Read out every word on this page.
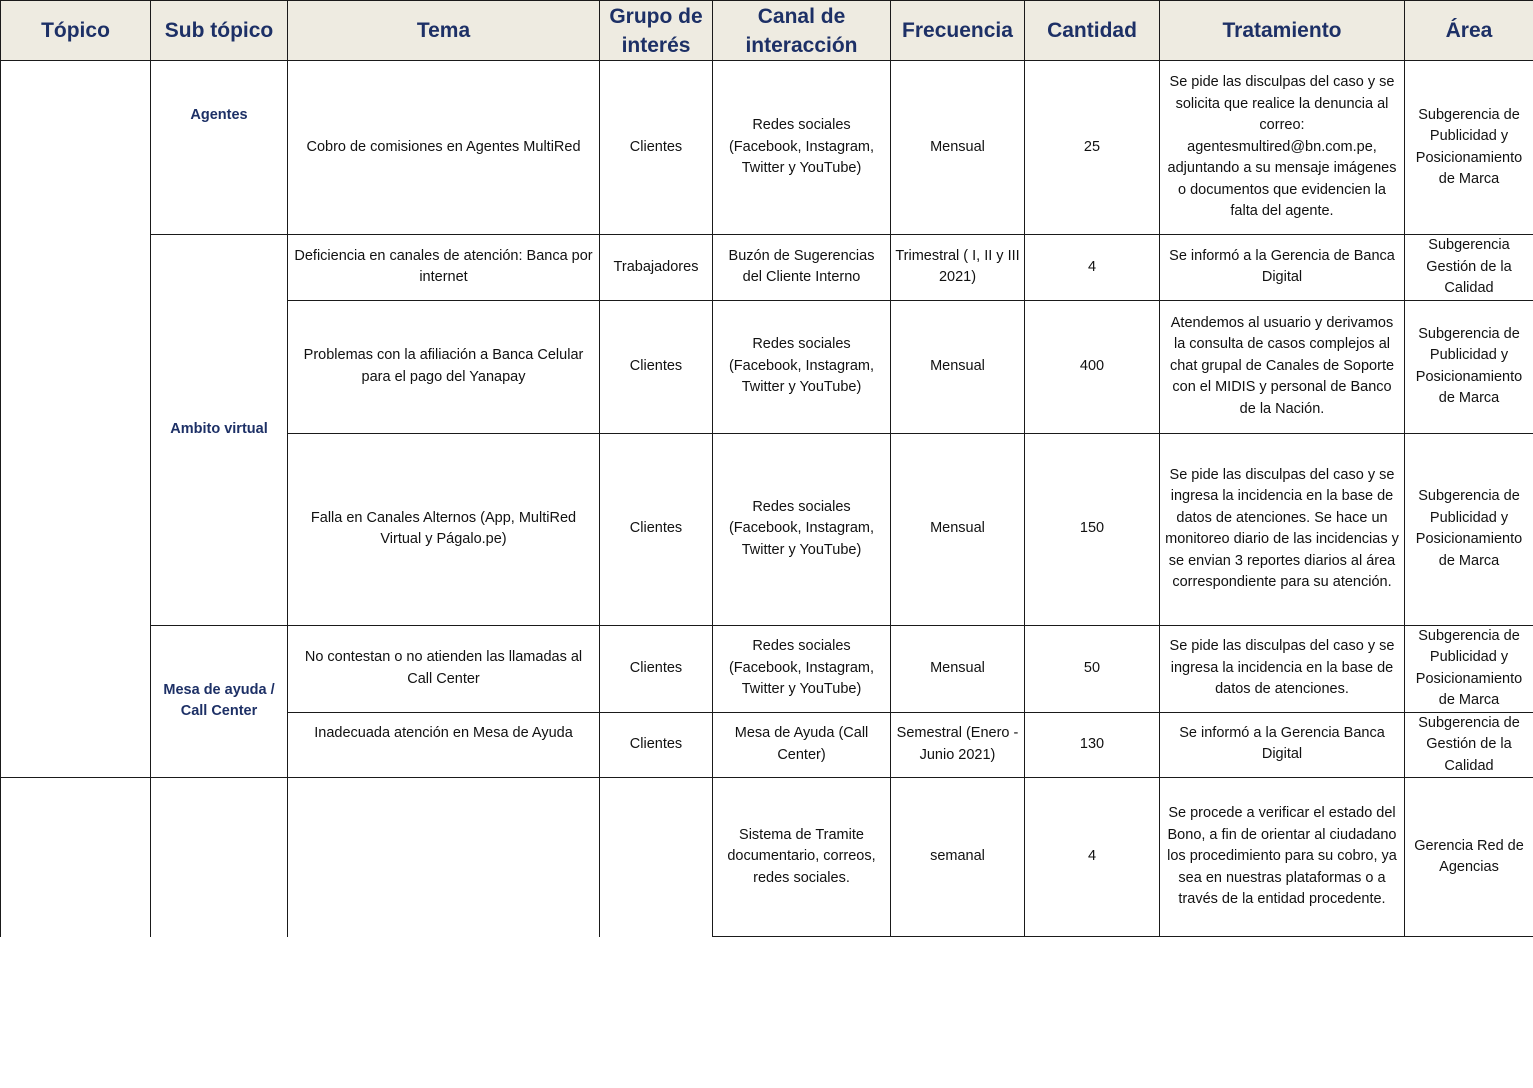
Tópico	Sub tópico	Tema	Grupo de interés	Canal de interacción	Frecuencia	Cantidad	Tratamiento	Área
	Agentes	Cobro de comisiones en Agentes MultiRed	Clientes	Redes sociales (Facebook, Instagram, Twitter y YouTube)	Mensual	25	Se pide las disculpas del caso y se solicita que realice la denuncia al correo: agentesmultired@bn.com.pe, adjuntando a su mensaje imágenes o documentos que evidencien la falta del agente.	Subgerencia de Publicidad y Posicionamiento de Marca
	Ambito virtual	Deficiencia en canales de atención: Banca por internet	Trabajadores	Buzón de Sugerencias del Cliente Interno	Trimestral ( I, II y III 2021)	4	Se informó a la Gerencia de Banca Digital	Subgerencia Gestión de la Calidad
		Problemas con la afiliación a Banca Celular para el pago del Yanapay	Clientes	Redes sociales (Facebook, Instagram, Twitter y YouTube)	Mensual	400	Atendemos al usuario y derivamos la consulta de casos complejos al chat grupal de Canales de Soporte con el MIDIS y personal de Banco de la Nación.	Subgerencia de Publicidad y Posicionamiento de Marca
		Falla en Canales Alternos (App, MultiRed Virtual y Págalo.pe)	Clientes	Redes sociales (Facebook, Instagram, Twitter y YouTube)	Mensual	150	Se pide las disculpas del caso y se ingresa la incidencia en la base de datos de atenciones. Se hace un monitoreo diario de las incidencias y se envian 3 reportes diarios al área correspondiente para su atención.	Subgerencia de Publicidad y Posicionamiento de Marca
	Mesa de ayuda / Call Center	No contestan o no atienden las llamadas al Call Center	Clientes	Redes sociales (Facebook, Instagram, Twitter y YouTube)	Mensual	50	Se pide las disculpas del caso y se ingresa la incidencia en la base de datos de atenciones.	Subgerencia de Publicidad y Posicionamiento de Marca
		Inadecuada atención en Mesa de Ayuda	Clientes	Mesa de Ayuda (Call Center)	Semestral (Enero - Junio 2021)	130	Se informó a la Gerencia Banca Digital	Subgerencia de Gestión de la Calidad
				Sistema de Tramite documentario, correos, redes sociales.	semanal	4	Se procede a verificar el estado del Bono, a fin de orientar al ciudadano los procedimiento para su cobro, ya sea en nuestras plataformas o a través de la entidad procedente.	Gerencia Red de Agencias
